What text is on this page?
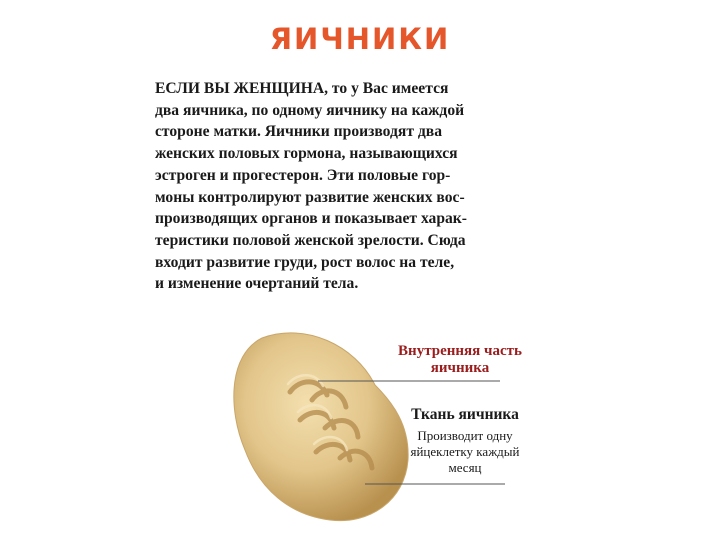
ЯИЧНИКИ
ЕСЛИ ВЫ ЖЕНЩИНА, то у Вас имеется
два яичника, по одному яичнику на каждой
стороне матки. Яичники производят два
женских половых гормона, называющихся
эстроген и прогестерон. Эти половые гор-
моны контролируют развитие женских вос-
производящих органов и показывает харак-
теристики половой женской зрелости. Сюда
входит развитие груди, рост волос на теле,
и изменение очертаний тела.
Внутренняя часть
яичника
Ткань яичника
Производит одну
яйцеклетку каждый
месяц
